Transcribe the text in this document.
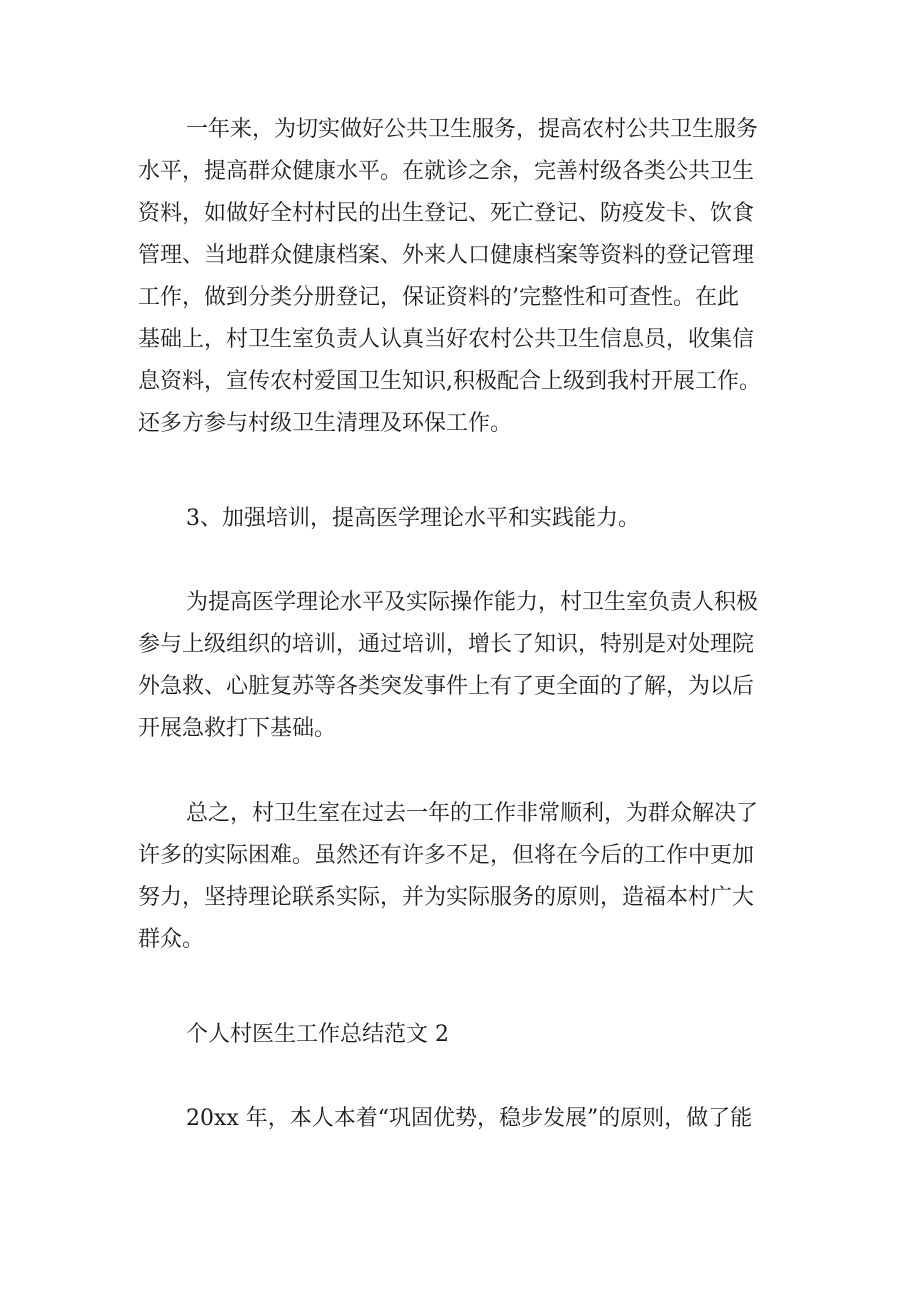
一年来，为切实做好公共卫生服务，提高农村公共卫生服务

水平，提高群众健康水平。在就诊之余，完善村级各类公共卫生

资料，如做好全村村民的出生登记、死亡登记、防疫发卡、饮食

管理、当地群众健康档案、外来人口健康档案等资料的登记管理

工作，做到分类分册登记，保证资料的’完整性和可查性。在此

基础上，村卫生室负责人认真当好农村公共卫生信息员，收集信

息资料，宣传农村爱国卫生知识,积极配合上级到我村开展工作。

还多方参与村级卫生清理及环保工作。

3、加强培训，提高医学理论水平和实践能力。

为提高医学理论水平及实际操作能力，村卫生室负责人积极

参与上级组织的培训，通过培训，增长了知识，特别是对处理院

外急救、心脏复苏等各类突发事件上有了更全面的了解，为以后

开展急救打下基础。

总之，村卫生室在过去一年的工作非常顺利，为群众解决了

许多的实际困难。虽然还有许多不足，但将在今后的工作中更加

努力，坚持理论联系实际，并为实际服务的原则，造福本村广大

群众。

个人村医生工作总结范文 2

20xx 年，本人本着“巩固优势，稳步发展”的原则，做了能
